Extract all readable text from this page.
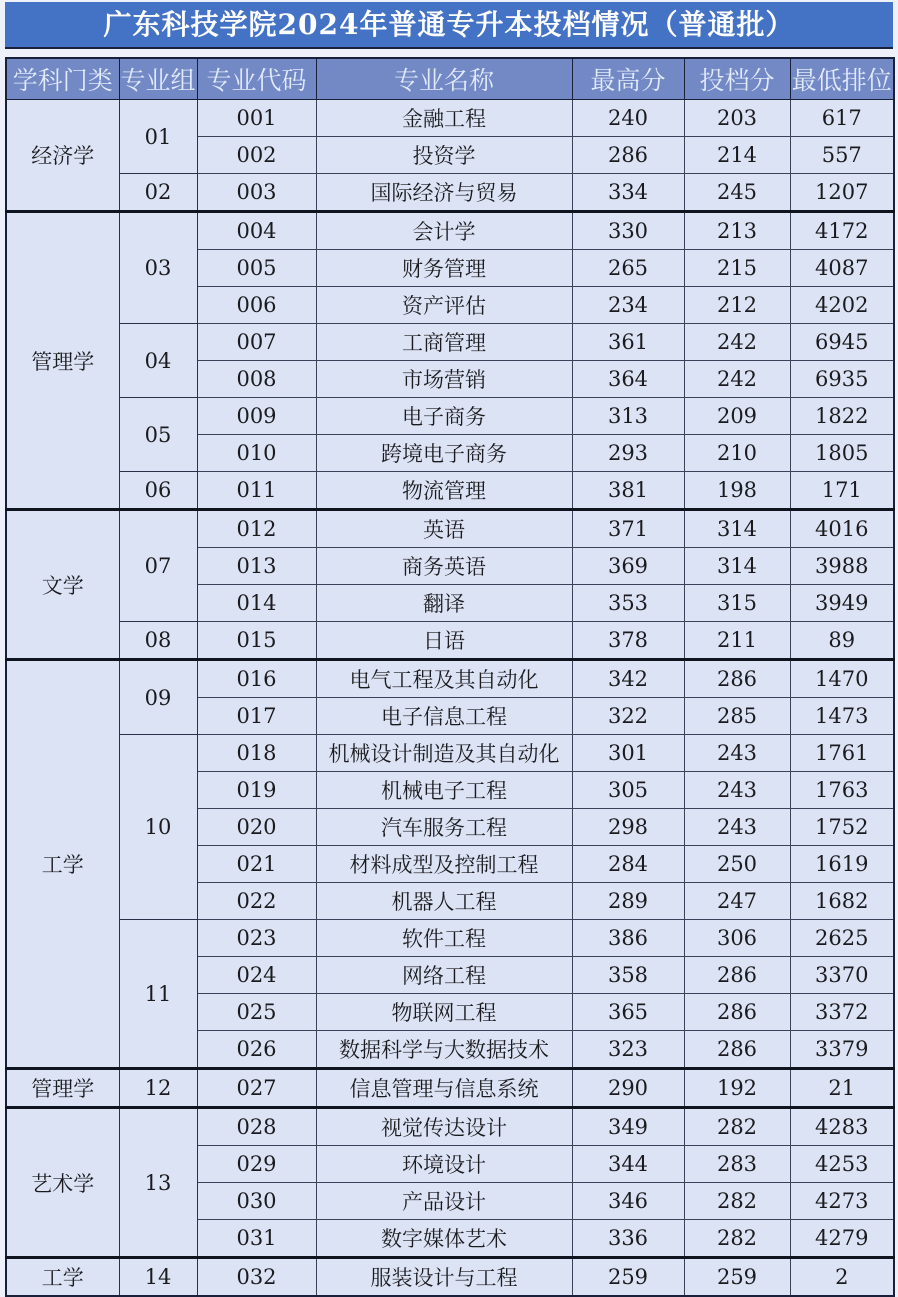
广东科技学院2024年普通专升本投档情况（普通批）
学科门类	专业组	专业代码	专业名称	最高分	投档分	最低排位
经济学	01	001	金融工程	240	203	617
		002	投资学	286	214	557
	02	003	国际经济与贸易	334	245	1207
管理学	03	004	会计学	330	213	4172
		005	财务管理	265	215	4087
		006	资产评估	234	212	4202
	04	007	工商管理	361	242	6945
		008	市场营销	364	242	6935
	05	009	电子商务	313	209	1822
		010	跨境电子商务	293	210	1805
	06	011	物流管理	381	198	171
文学	07	012	英语	371	314	4016
		013	商务英语	369	314	3988
		014	翻译	353	315	3949
	08	015	日语	378	211	89
工学	09	016	电气工程及其自动化	342	286	1470
		017	电子信息工程	322	285	1473
	10	018	机械设计制造及其自动化	301	243	1761
		019	机械电子工程	305	243	1763
		020	汽车服务工程	298	243	1752
		021	材料成型及控制工程	284	250	1619
		022	机器人工程	289	247	1682
	11	023	软件工程	386	306	2625
		024	网络工程	358	286	3370
		025	物联网工程	365	286	3372
		026	数据科学与大数据技术	323	286	3379
管理学	12	027	信息管理与信息系统	290	192	21
艺术学	13	028	视觉传达设计	349	282	4283
		029	环境设计	344	283	4253
		030	产品设计	346	282	4273
		031	数字媒体艺术	336	282	4279
工学	14	032	服装设计与工程	259	259	2
